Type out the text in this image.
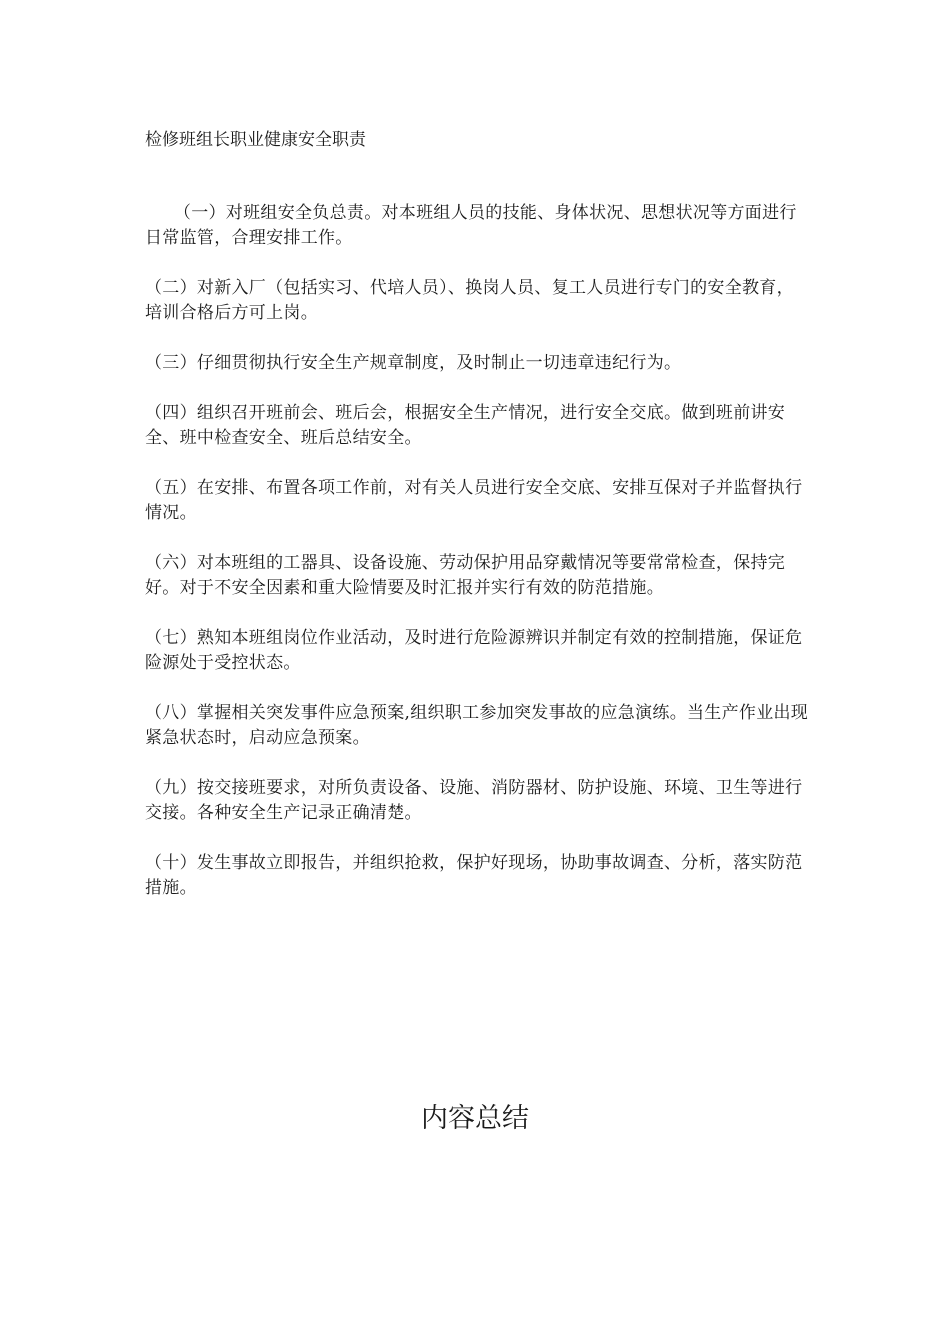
检修班组长职业健康安全职责
（一）对班组安全负总责。对本班组人员的技能、身体状况、思想状况等方面进行日常监管，合理安排工作。
（二）对新入厂（包括实习、代培人员）、换岗人员、复工人员进行专门的安全教育，培训合格后方可上岗。
（三）仔细贯彻执行安全生产规章制度，及时制止一切违章违纪行为。
（四）组织召开班前会、班后会，根据安全生产情况，进行安全交底。做到班前讲安全、班中检查安全、班后总结安全。
（五）在安排、布置各项工作前，对有关人员进行安全交底、安排互保对子并监督执行情况。
（六）对本班组的工器具、设备设施、劳动保护用品穿戴情况等要常常检查，保持完好。对于不安全因素和重大险情要及时汇报并实行有效的防范措施。
（七）熟知本班组岗位作业活动，及时进行危险源辨识并制定有效的控制措施，保证危险源处于受控状态。
（八）掌握相关突发事件应急预案,组织职工参加突发事故的应急演练。当生产作业出现紧急状态时，启动应急预案。
（九）按交接班要求，对所负责设备、设施、消防器材、防护设施、环境、卫生等进行交接。各种安全生产记录正确清楚。
（十）发生事故立即报告，并组织抢救，保护好现场，协助事故调查、分析，落实防范措施。
内容总结
